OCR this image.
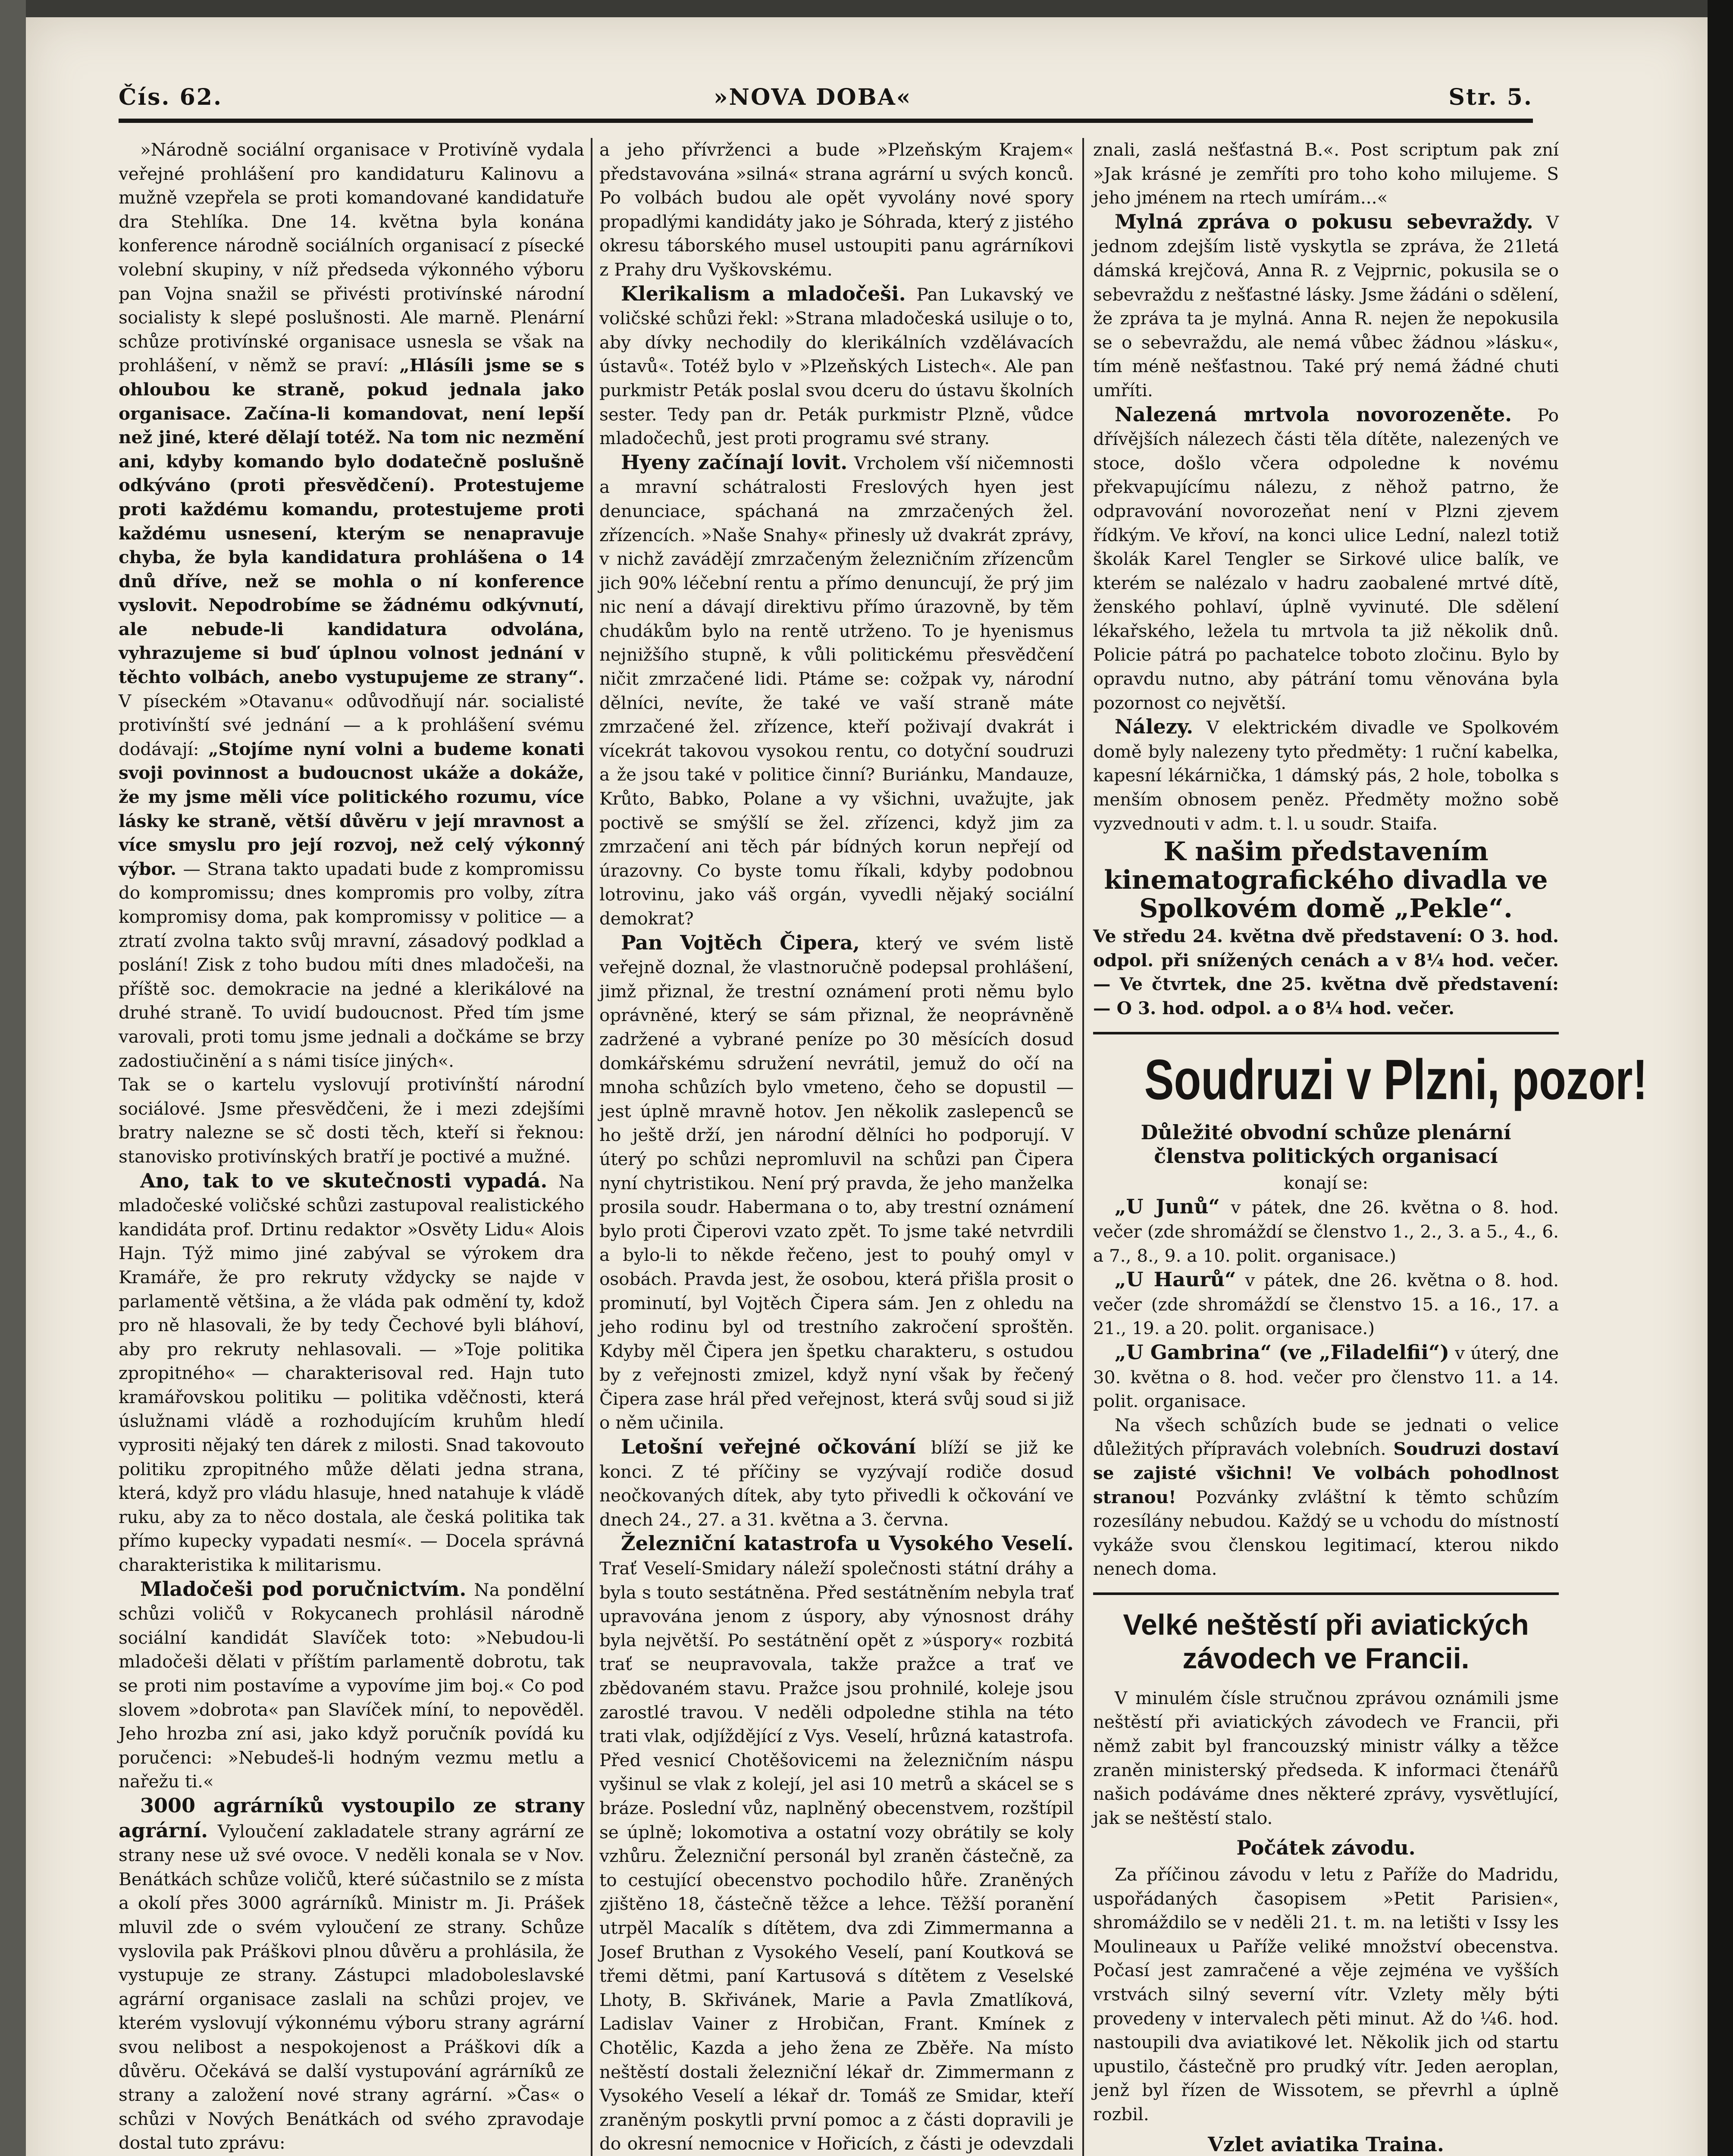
Čís. 62.	»NOVA DOBA«	Str. 5.

»Národně sociální organisace v Protivíně vydala veřejné prohlášení pro kandidaturu Kalinovu a mužně vzepřela se proti komandované kandidatuře dra Stehlíka. Dne 14. května byla konána konference národně sociálních organisací z písecké volební skupiny, v níž předseda výkonného výboru pan Vojna snažil se přivésti protivínské národní socialisty k slepé poslušnosti. Ale marně. Plenární schůze protivínské organisace usnesla se však na prohlášení, v němž se praví: „Hlásíli jsme se s ohloubou ke straně, pokud jednala jako organisace. Začína-li komandovat, není lepší než jiné, které dělají totéž. Na tom nic nezmění ani, kdyby komando bylo dodatečně poslušně odkýváno (proti přesvědčení). Protestujeme proti každému komandu, protestujeme proti každému usnesení, kterým se nenapravuje chyba, že byla kandidatura prohlášena o 14 dnů dříve, než se mohla o ní konference vyslovit. Nepodrobíme se žádnému odkývnutí, ale nebude-li kandidatura odvolána, vyhrazujeme si buď úplnou volnost jednání v těchto volbách, anebo vystupujeme ze strany“. V píseckém »Otavanu« odůvodňují nár. socialisté protivínští své jednání — a k prohlášení svému dodávají: „Stojíme nyní volni a budeme konati svoji povinnost a budoucnost ukáže a dokáže, že my jsme měli více politického rozumu, více lásky ke straně, větší důvěru v její mravnost a více smyslu pro její rozvoj, než celý výkonný výbor. — Strana takto upadati bude z kompromissu do kompromissu; dnes kompromis pro volby, zítra kompromisy doma, pak kompromissy v politice — a ztratí zvolna takto svůj mravní, zásadový podklad a poslání! Zisk z toho budou míti dnes mladočeši, na příště soc. demokracie na jedné a klerikálové na druhé straně. To uvidí budoucnost. Před tím jsme varovali, proti tomu jsme jednali a dočkáme se brzy zadostiučinění a s námi tisíce jiných«.

Tak se o kartelu vyslovují protivínští národní sociálové. Jsme přesvědčeni, že i mezi zdejšími bratry nalezne se sč dosti těch, kteří si řeknou: stanovisko protivínských bratří je poctivé a mužné.

Ano, tak to ve skutečnosti vypadá. Na mladočeské voličské schůzi zastupoval realistického kandidáta prof. Drtinu redaktor »Osvěty Lidu« Alois Hajn. Týž mimo jiné zabýval se výrokem dra Kramáře, že pro rekruty vždycky se najde v parlamentě většina, a že vláda pak odmění ty, kdož pro ně hlasovali, že by tedy Čechové byli bláhoví, aby pro rekruty nehlasovali. — »Toje politika zpropitného« — charakterisoval red. Hajn tuto kramářovskou politiku — politika vděčnosti, která úslužnami vládě a rozhodujícím kruhům hledí vyprositi nějaký ten dárek z milosti. Snad takovouto politiku zpropitného může dělati jedna strana, která, když pro vládu hlasuje, hned natahuje k vládě ruku, aby za to něco dostala, ale česká politika tak přímo kupecky vypadati nesmí«. — Docela správná charakteristika k militarismu.

Mladočeši pod poručnictvím. Na pondělní schůzi voličů v Rokycanech prohlásil národně sociální kandidát Slavíček toto: »Nebudou-li mladočeši dělati v příštím parlamentě dobrotu, tak se proti nim postavíme a vypovíme jim boj.« Co pod slovem »dobrota« pan Slavíček míní, to nepověděl. Jeho hrozba zní asi, jako když poručník povídá ku poručenci: »Nebudeš-li hodným vezmu metlu a nařežu ti.«

3000 agrárníků vystoupilo ze strany agrární. Vyloučení zakladatele strany agrární ze strany nese už své ovoce. V neděli konala se v Nov. Benátkách schůze voličů, které súčastnilo se z místa a okolí přes 3000 agrárníků. Ministr m. Ji. Prášek mluvil zde o svém vyloučení ze strany. Schůze vyslovila pak Práškovi plnou důvěru a prohlásila, že vystupuje ze strany. Zástupci mladoboleslavské agrární organisace zaslali na schůzi projev, ve kterém vyslovují výkonnému výboru strany agrární svou nelibost a nespokojenost a Práškovi dík a důvěru. Očekává se další vystupování agrárníků ze strany a založení nové strany agrární. »Čas« o schůzi v Nových Benátkách od svého zpravodaje dostal tuto zprávu:

a jeho přívrženci a bude »Plzeňským Krajem« představována »silná« strana agrární u svých konců. Po volbách budou ale opět vyvolány nové spory propadlými kandidáty jako je Sóhrada, který z jistého okresu táborského musel ustoupiti panu agrárníkovi z Prahy dru Vyškovskému.

Klerikalism a mladočeši. Pan Lukavský ve voličské schůzi řekl: »Strana mladočeská usiluje o to, aby dívky nechodily do klerikálních vzdělávacích ústavů«. Totéž bylo v »Plzeňských Listech«. Ale pan purkmistr Peták poslal svou dceru do ústavu školních sester. Tedy pan dr. Peták purkmistr Plzně, vůdce mladočechů, jest proti programu své strany.

Hyeny začínají lovit. Vrcholem vší ničemnosti a mravní schátralosti Freslových hyen jest denunciace, spáchaná na zmrzačených žel. zřízencích. »Naše Snahy« přinesly už dvakrát zprávy, v nichž zavádějí zmrzačeným železničním zřízencům jich 90% léčební rentu a přímo denuncují, že prý jim nic není a dávají direktivu přímo úrazovně, by těm chudákům bylo na rentě utrženo. To je hyenismus nejnižšího stupně, k vůli politickému přesvědčení ničit zmrzačené lidi. Ptáme se: cožpak vy, národní dělníci, nevíte, že také ve vaší straně máte zmrzačené žel. zřízence, kteří poživají dvakrát i vícekrát takovou vysokou rentu, co dotyční soudruzi a že jsou také v politice činní? Buriánku, Mandauze, Krůto, Babko, Polane a vy všichni, uvažujte, jak poctivě se smýšlí se žel. zřízenci, když jim za zmrzačení ani těch pár bídných korun nepřejí od úrazovny. Co byste tomu říkali, kdyby podobnou lotrovinu, jako váš orgán, vyvedli nějaký sociální demokrat?

Pan Vojtěch Čipera, který ve svém listě veřejně doznal, že vlastnoručně podepsal prohlášení, jimž přiznal, že trestní oznámení proti němu bylo oprávněné, který se sám přiznal, že neoprávněně zadržené a vybrané peníze po 30 měsících dosud domkářskému sdružení nevrátil, jemuž do očí na mnoha schůzích bylo vmeteno, čeho se dopustil — jest úplně mravně hotov. Jen několik zaslepenců se ho ještě drží, jen národní dělníci ho podporují. V úterý po schůzi nepromluvil na schůzi pan Čipera nyní chytristikou. Není prý pravda, že jeho manželka prosila soudr. Habermana o to, aby trestní oznámení bylo proti Čiperovi vzato zpět. To jsme také netvrdili a bylo-li to někde řečeno, jest to pouhý omyl v osobách. Pravda jest, že osobou, která přišla prosit o prominutí, byl Vojtěch Čipera sám. Jen z ohledu na jeho rodinu byl od trestního zakročení sproštěn. Kdyby měl Čipera jen špetku charakteru, s ostudou by z veřejnosti zmizel, když nyní však by řečený Čipera zase hrál před veřejnost, která svůj soud si již o něm učinila.

Letošní veřejné očkování blíží se již ke konci. Z té příčiny se vyzývají rodiče dosud neočkovaných dítek, aby tyto přivedli k očkování ve dnech 24., 27. a 31. května a 3. června.

Železniční katastrofa u Vysokého Veselí. Trať Veselí-Smidary náleží společnosti státní dráhy a byla s touto sestátněna. Před sestátněním nebyla trať upravována jenom z úspory, aby výnosnost dráhy byla největší. Po sestátnění opět z »úspory« rozbitá trať se neupravovala, takže pražce a trať ve zbědovaném stavu. Pražce jsou prohnilé, koleje jsou zarostlé travou. V neděli odpoledne stihla na této trati vlak, odjíždějící z Vys. Veselí, hrůzná katastrofa. Před vesnicí Chotěšovicemi na železničním náspu vyšinul se vlak z kolejí, jel asi 10 metrů a skácel se s bráze. Poslední vůz, naplněný obecenstvem, rozštípil se úplně; lokomotiva a ostatní vozy obrátily se koly vzhůru. Železniční personál byl zraněn částečně, za to cestující obecenstvo pochodilo hůře. Zraněných zjištěno 18, částečně těžce a lehce. Těžší poranění utrpěl Macalík s dítětem, dva zdi Zimmermanna a Josef Bruthan z Vysokého Veselí, paní Koutková se třemi dětmi, paní Kartusová s dítětem z Veselské Lhoty, B. Skřivánek, Marie a Pavla Zmatlíková, Ladislav Vainer z Hrobičan, Frant. Kmínek z Chotělic, Kazda a jeho žena ze Zběře. Na místo neštěstí dostali železniční lékař dr. Zimmermann z Vysokého Veselí a lékař dr. Tomáš ze Smidar, kteří zraněným poskytli první pomoc a z části dopravili je do okresní nemocnice v Hořicích, z části je odevzdali

znali, zaslá nešťastná B.«. Post scriptum pak zní »Jak krásné je zemříti pro toho koho milujeme. S jeho jménem na rtech umírám...«

Mylná zpráva o pokusu sebevraždy. V jednom zdejším listě vyskytla se zpráva, že 21letá dámská krejčová, Anna R. z Vejprnic, pokusila se o sebevraždu z nešťastné lásky. Jsme žádáni o sdělení, že zpráva ta je mylná. Anna R. nejen že nepokusila se o sebevraždu, ale nemá vůbec žádnou »lásku«, tím méně nešťastnou. Také prý nemá žádné chuti umříti.

Nalezená mrtvola novorozeněte. Po dřívějších nálezech části těla dítěte, nalezených ve stoce, došlo včera odpoledne k novému překvapujícímu nálezu, z něhož patrno, že odpravování novorozeňat není v Plzni zjevem řídkým. Ve křoví, na konci ulice Lední, nalezl totiž školák Karel Tengler se Sirkové ulice balík, ve kterém se nalézalo v hadru zaobalené mrtvé dítě, ženského pohlaví, úplně vyvinuté. Dle sdělení lékařského, ležela tu mrtvola ta již několik dnů. Policie pátrá po pachatelce toboto zločinu. Bylo by opravdu nutno, aby pátrání tomu věnována byla pozornost co největší.

Nálezy. V elektrickém divadle ve Spolkovém domě byly nalezeny tyto předměty: 1 ruční kabelka, kapesní lékárnička, 1 dámský pás, 2 hole, tobolka s menším obnosem peněz. Předměty možno sobě vyzvednouti v adm. t. l. u soudr. Staifa.

K našim představením kinematografického divadla ve Spolkovém domě „Pekle“.

Ve středu 24. května dvě představení: O 3. hod. odpol. při snížených cenách a v 8¼ hod. večer. — Ve čtvrtek, dne 25. května dvě představení: — O 3. hod. odpol. a o 8¼ hod. večer.

Soudruzi v Plzni, pozor!
Důležité obvodní schůze plenární členstva politických organisací

konají se:

„U Junů“ v pátek, dne 26. května o 8. hod. večer (zde shromáždí se členstvo 1., 2., 3. a 5., 4., 6. a 7., 8., 9. a 10. polit. organisace.)

„U Haurů“ v pátek, dne 26. května o 8. hod. večer (zde shromáždí se členstvo 15. a 16., 17. a 21., 19. a 20. polit. organisace.)

„U Gambrina“ (ve „Filadelfii“) v úterý, dne 30. května o 8. hod. večer pro členstvo 11. a 14. polit. organisace.

Na všech schůzích bude se jednati o velice důležitých přípravách volebních. Soudruzi dostaví se zajisté všichni! Ve volbách pohodlnost stranou! Pozvánky zvláštní k těmto schůzím rozesílány nebudou. Každý se u vchodu do místností vykáže svou členskou legitimací, kterou nikdo nenech doma.

Velké neštěstí při aviatických závodech ve Francii.

V minulém čísle stručnou zprávou oznámili jsme neštěstí při aviatických závodech ve Francii, při němž zabit byl francouzský ministr války a těžce zraněn ministerský předseda. K informaci čtenářů našich podáváme dnes některé zprávy, vysvětlující, jak se neštěstí stalo.

Počátek závodu.

Za příčinou závodu v letu z Paříže do Madridu, uspořádaných časopisem »Petit Parisien«, shromáždilo se v neděli 21. t. m. na letišti v Issy les Moulineaux u Paříže veliké množství obecenstva. Počasí jest zamračené a věje zejména ve vyšších vrstvách silný severní vítr. Vzlety měly býti provedeny v intervalech pěti minut. Až do ¼6. hod. nastoupili dva aviatikové let. Několik jich od startu upustilo, částečně pro prudký vítr. Jeden aeroplan, jenž byl řízen de Wissotem, se převrhl a úplně rozbil.

Vzlet aviatika Traina.
